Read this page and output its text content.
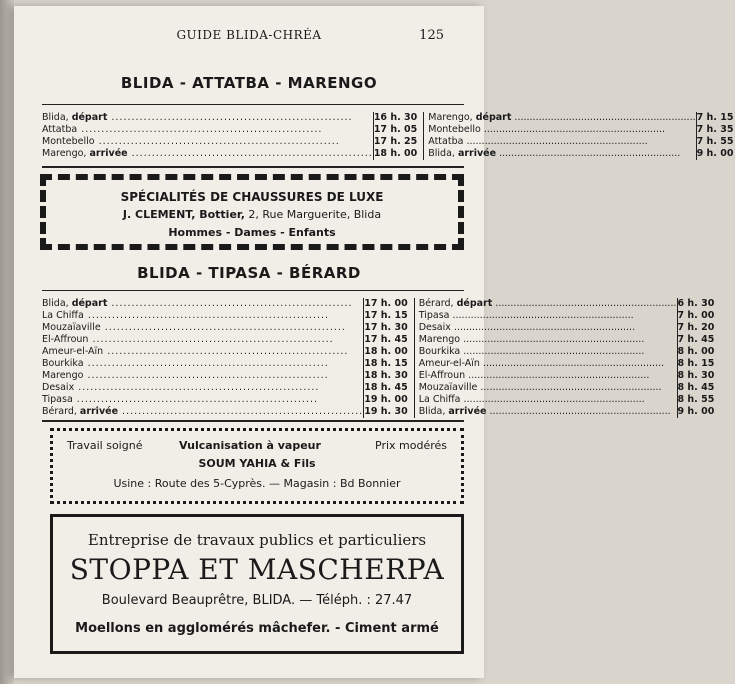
GUIDE BLIDA-CHRÉA	125
BLIDA - ATTATBA - MARENGO
Blida, départ ............................................................	16 h. 30	Marengo, départ ............................................................	7 h. 15

Attatba ............................................................	17 h. 05	Montebello ............................................................	7 h. 35

Montebello ............................................................	17 h. 25	Attatba ............................................................	7 h. 55

Marengo, arrivée ............................................................	18 h. 00	Blida, arrivée ............................................................	9 h. 00
SPÉCIALITÉS DE CHAUSSURES DE LUXE
J. CLEMENT, Bottier, 2, Rue Marguerite, Blida
Hommes - Dames - Enfants
BLIDA - TIPASA - BÉRARD
Blida, départ ............................................................	17 h. 00	Bérard, départ ............................................................	6 h. 30

La Chiffa ............................................................	17 h. 15	Tipasa ............................................................	7 h. 00

Mouzaïaville ............................................................	17 h. 30	Desaix ............................................................	7 h. 20

El-Affroun ............................................................	17 h. 45	Marengo ............................................................	7 h. 45

Ameur-el-Aïn ............................................................	18 h. 00	Bourkika ............................................................	8 h. 00

Bourkika ............................................................	18 h. 15	Ameur-el-Aïn ............................................................	8 h. 15

Marengo ............................................................	18 h. 30	El-Affroun ............................................................	8 h. 30

Desaix ............................................................	18 h. 45	Mouzaïaville ............................................................	8 h. 45

Tipasa ............................................................	19 h. 00	La Chiffa ............................................................	8 h. 55

Bérard, arrivée ............................................................	19 h. 30	Blida, arrivée ............................................................	9 h. 00
Travail soigné	Vulcanisation à vapeur	Prix modérés
SOUM YAHIA & Fils
Usine : Route des 5-Cyprès. — Magasin : Bd Bonnier
Entreprise de travaux publics et particuliers
STOPPA ET MASCHERPA
Boulevard Beauprêtre, BLIDA. — Téléph. : 27.47
Moellons en agglomérés mâchefer. - Ciment armé
